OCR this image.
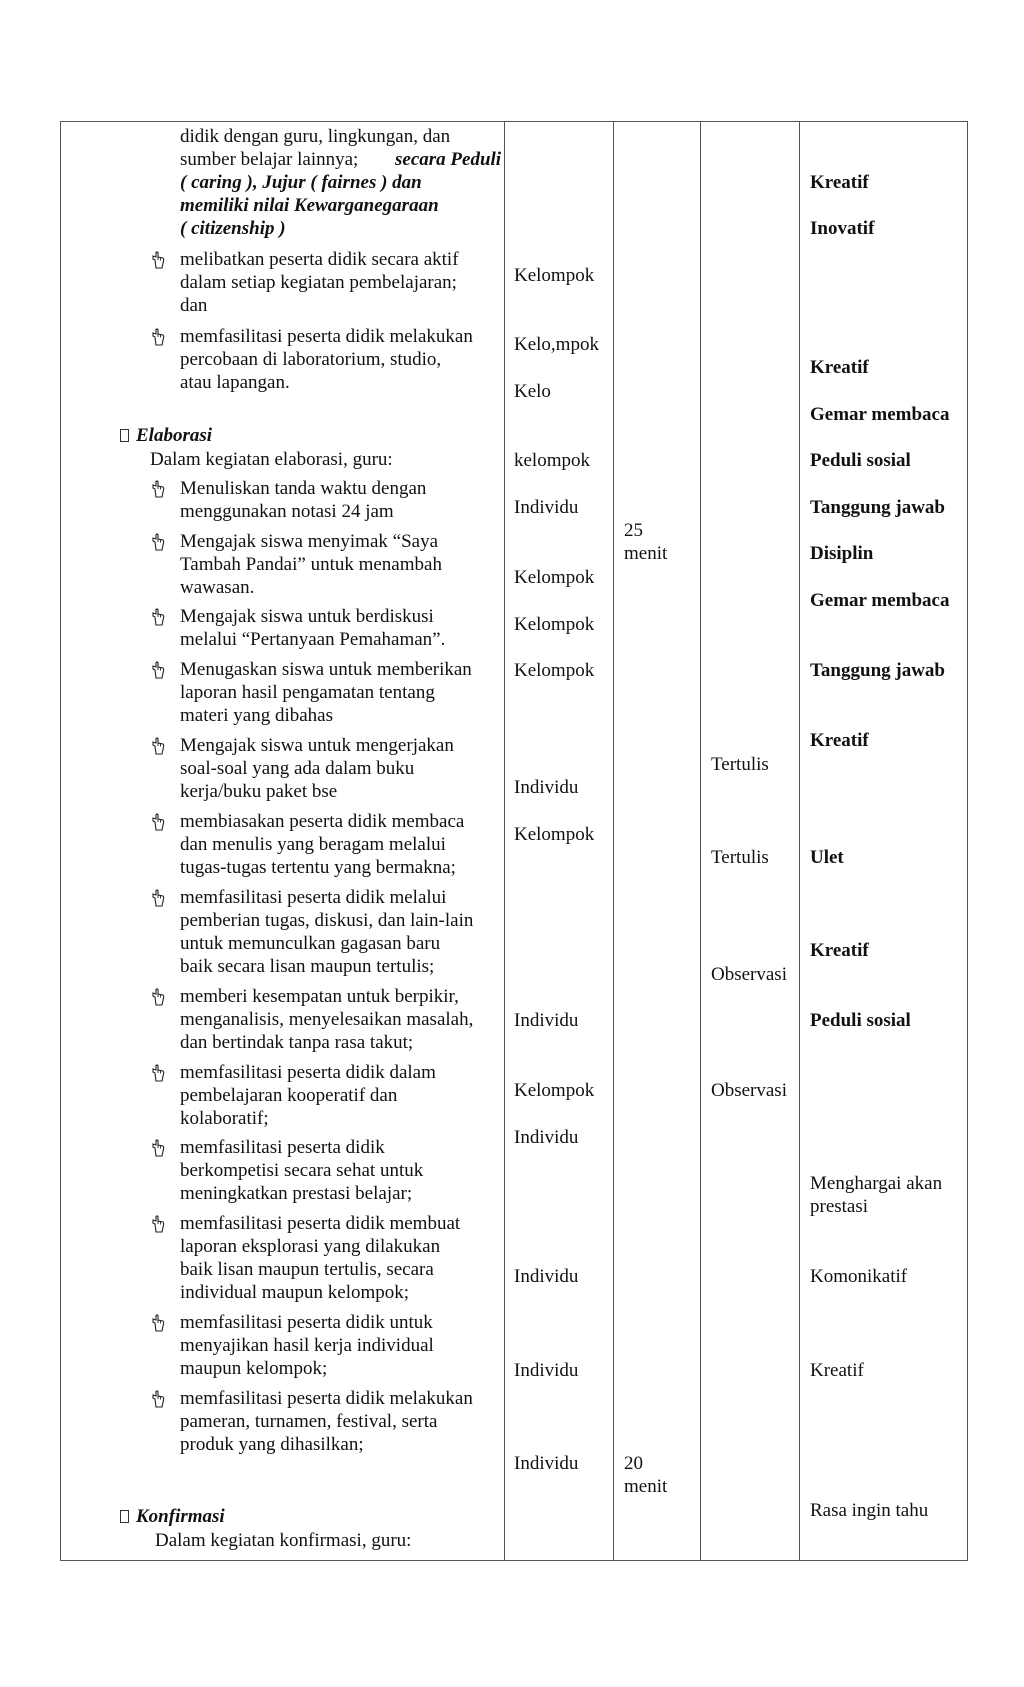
didik dengan guru, lingkungan, dan
sumber belajar lainnya; secara Peduli
( caring ), Jujur ( fairnes ) dan
memiliki nilai Kewarganegaraan
( citizenship )
melibatkan peserta didik secara aktif
dalam setiap kegiatan pembelajaran;
dan
memfasilitasi peserta didik melakukan
percobaan di laboratorium, studio,
atau lapangan.
Elaborasi
Dalam kegiatan elaborasi, guru:
Menuliskan tanda waktu dengan
menggunakan notasi 24 jam
Mengajak siswa menyimak “Saya
Tambah Pandai” untuk menambah
wawasan.
Mengajak siswa untuk berdiskusi
melalui “Pertanyaan Pemahaman”.
Menugaskan siswa untuk memberikan
laporan hasil pengamatan tentang
materi yang dibahas
Mengajak siswa untuk mengerjakan
soal-soal yang ada dalam buku
kerja/buku paket bse
membiasakan peserta didik membaca
dan menulis yang beragam melalui
tugas-tugas tertentu yang bermakna;
memfasilitasi peserta didik melalui
pemberian tugas, diskusi, dan lain-lain
untuk memunculkan gagasan baru
baik secara lisan maupun tertulis;
memberi kesempatan untuk berpikir,
menganalisis, menyelesaikan masalah,
dan bertindak tanpa rasa takut;
memfasilitasi peserta didik dalam
pembelajaran kooperatif dan
kolaboratif;
memfasilitasi peserta didik
berkompetisi secara sehat untuk
meningkatkan prestasi belajar;
memfasilitasi peserta didik membuat
laporan eksplorasi yang dilakukan
baik lisan maupun tertulis, secara
individual maupun kelompok;
memfasilitasi peserta didik untuk
menyajikan hasil kerja individual
maupun kelompok;
memfasilitasi peserta didik melakukan
pameran, turnamen, festival, serta
produk yang dihasilkan;
Konfirmasi
Dalam kegiatan konfirmasi, guru:
Kelompok
Kelo,mpok
Kelo
kelompok
Individu
Kelompok
Kelompok
Kelompok
Individu
Kelompok
Individu
Kelompok
Individu
Individu
Individu
Individu
25
menit
20
menit
Tertulis
Tertulis
Observasi
Observasi
Kreatif
Inovatif
Kreatif
Gemar membaca
Peduli sosial
Tanggung jawab
Disiplin
Gemar membaca
Tanggung jawab
Kreatif
Ulet
Kreatif
Peduli sosial
Menghargai akan
prestasi
Komonikatif
Kreatif
Rasa ingin tahu
